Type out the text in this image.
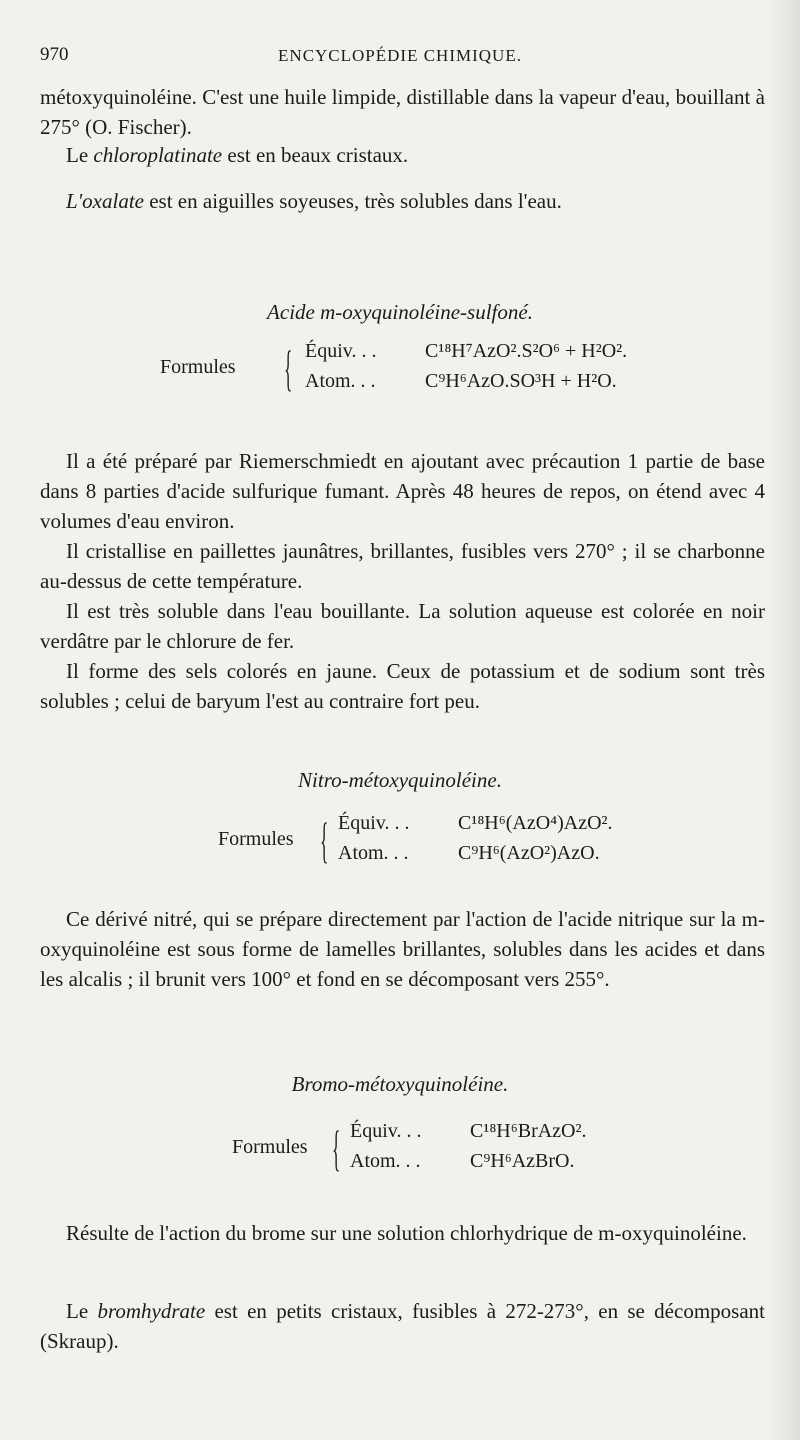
970	ENCYCLOPÉDIE CHIMIQUE.

métoxyquinoléine. C'est une huile limpide, distillable dans la vapeur d'eau, bouillant à 275° (O. Fischer).

Le chloroplatinate est en beaux cristaux.

L'oxalate est en aiguilles soyeuses, très solubles dans l'eau.

Acide m-oxyquinoléine-sulfoné.
Formules { Équiv. . . C¹⁸H⁷AzO².S²O⁶ + H²O².
Atom. . . C⁹H⁶AzO.SO³H + H²O.

Il a été préparé par Riemerschmiedt en ajoutant avec précaution 1 partie de base dans 8 parties d'acide sulfurique fumant. Après 48 heures de repos, on étend avec 4 volumes d'eau environ.

Il cristallise en paillettes jaunâtres, brillantes, fusibles vers 270° ; il se charbonne au-dessus de cette température.

Il est très soluble dans l'eau bouillante. La solution aqueuse est colorée en noir verdâtre par le chlorure de fer.

Il forme des sels colorés en jaune. Ceux de potassium et de sodium sont très solubles ; celui de baryum l'est au contraire fort peu.

Nitro-métoxyquinoléine.
Formules { Équiv. . . C¹⁸H⁶(AzO⁴)AzO².
Atom. . . C⁹H⁶(AzO²)AzO.

Ce dérivé nitré, qui se prépare directement par l'action de l'acide nitrique sur la m-oxyquinoléine est sous forme de lamelles brillantes, solubles dans les acides et dans les alcalis ; il brunit vers 100° et fond en se décomposant vers 255°.

Bromo-métoxyquinoléine.
Formules { Équiv. . . C¹⁸H⁶BrAzO².
Atom. . . C⁹H⁶AzBrO.

Résulte de l'action du brome sur une solution chlorhydrique de m-oxyquinoléine.

Le bromhydrate est en petits cristaux, fusibles à 272-273°, en se décomposant (Skraup).
